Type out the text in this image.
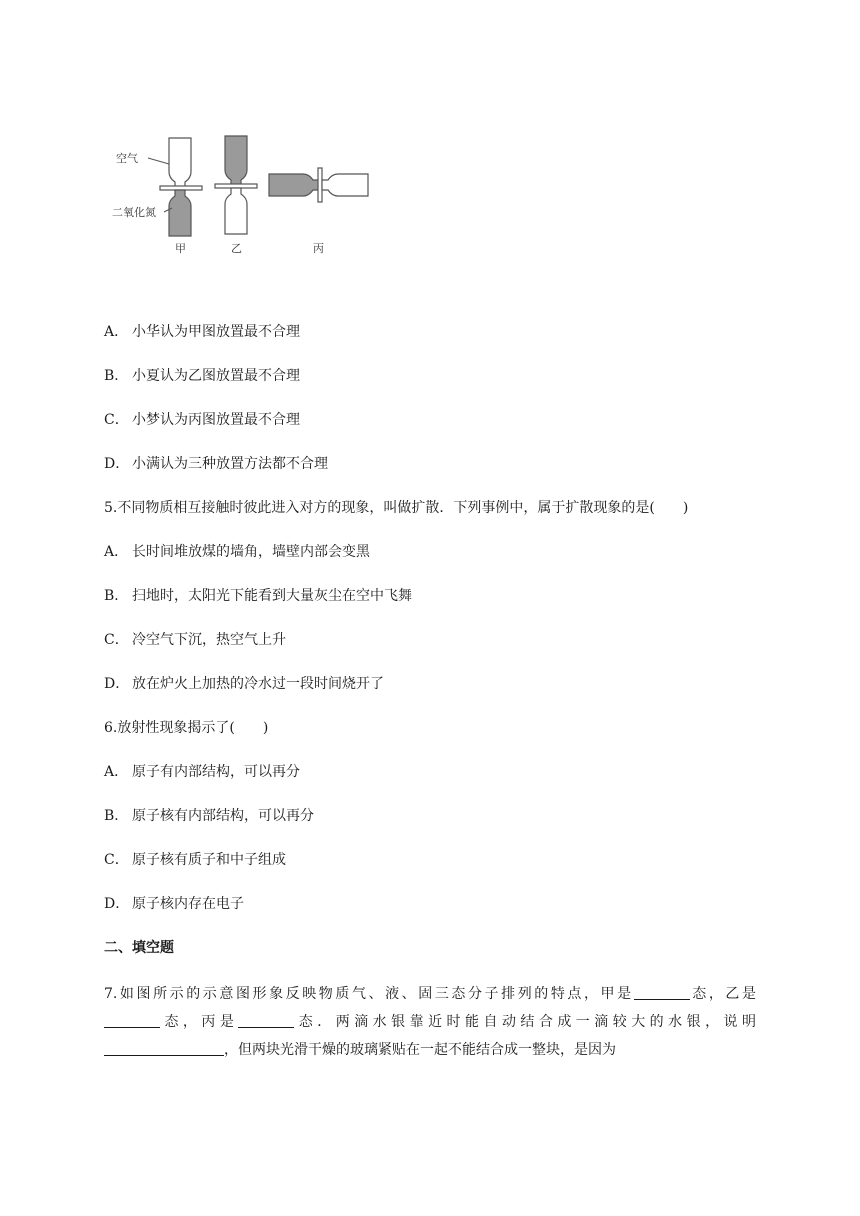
空气
二氧化氮
甲	乙	丙
A． 小华认为甲图放置最不合理
B． 小夏认为乙图放置最不合理
C． 小梦认为丙图放置最不合理
D． 小满认为三种放置方法都不合理
5.不同物质相互接触时彼此进入对方的现象，叫做扩散．下列事例中，属于扩散现象的是(　　)
A． 长时间堆放煤的墙角，墙壁内部会变黑
B． 扫地时，太阳光下能看到大量灰尘在空中飞舞
C． 冷空气下沉，热空气上升
D． 放在炉火上加热的冷水过一段时间烧开了
6.放射性现象揭示了(　　)
A． 原子有内部结构，可以再分
B． 原子核有内部结构，可以再分
C． 原子核有质子和中子组成
D． 原子核内存在电子
二、填空题
7.如图所示的示意图形象反映物质气、液、固三态分子排列的特点，甲是	态，乙是
态，丙是	态．两滴水银靠近时能自动结合成一滴较大的水银，说明
，但两块光滑干燥的玻璃紧贴在一起不能结合成一整块，是因为
